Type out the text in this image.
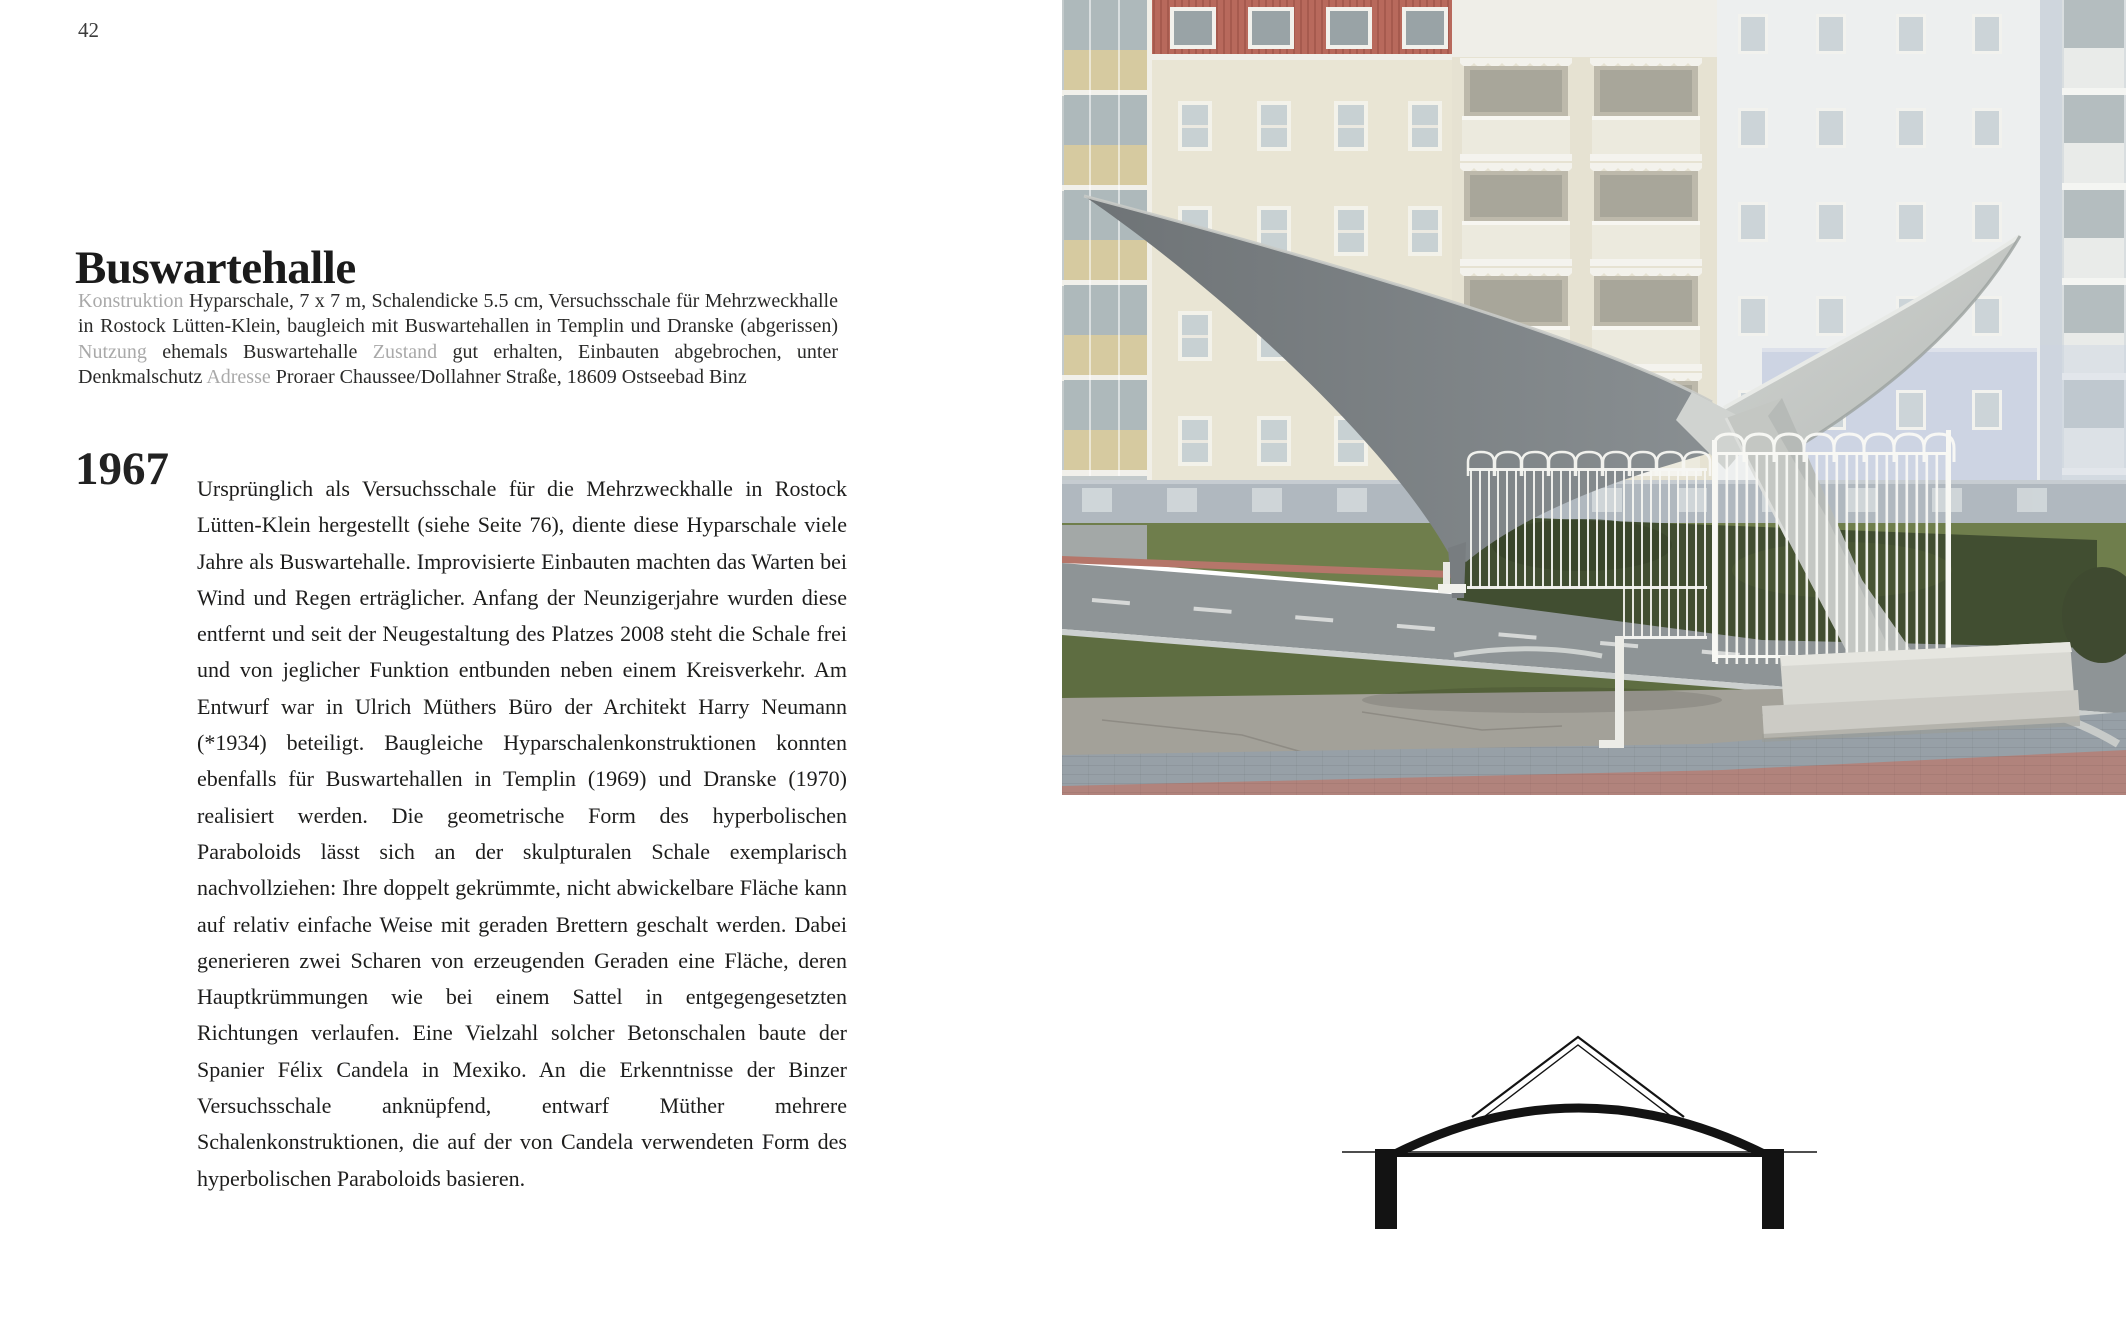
42
Buswartehalle

Konstruktion Hyparschale, 7 x 7 m, Schalendicke 5.5 cm, Versuchsschale für Mehrzweckhalle in Rostock Lütten-Klein, baugleich mit Buswartehallen in Templin und Dranske (abgerissen) Nutzung ehemals Buswartehalle Zustand gut erhalten, Einbauten abgebrochen, unter Denkmalschutz Adresse Proraer Chaussee/Dollahner Straße, 18609 Ostseebad Binz

1967 Ursprünglich als Versuchsschale für die Mehrzweckhalle in Rostock Lütten-Klein hergestellt (siehe Seite 76), diente diese Hyparschale viele Jahre als Buswartehalle. Improvisierte Einbauten machten das Warten bei Wind und Regen erträglicher. Anfang der Neunzigerjahre wurden diese entfernt und seit der Neugestaltung des Platzes 2008 steht die Schale frei und von jeglicher Funktion entbunden neben einem Kreisverkehr. Am Entwurf war in Ulrich Müthers Büro der Architekt Harry Neumann (*1934) beteiligt. Baugleiche Hyparschalenkonstruktionen konnten ebenfalls für Buswartehallen in Templin (1969) und Dranske (1970) realisiert werden. Die geometrische Form des hyperbolischen Paraboloids lässt sich an der skulpturalen Schale exemplarisch nachvollziehen: Ihre doppelt gekrümmte, nicht abwickelbare Fläche kann auf relativ einfache Weise mit geraden Brettern geschalt werden. Dabei generieren zwei Scharen von erzeugenden Geraden eine Fläche, deren Hauptkrümmungen wie bei einem Sattel in entgegengesetzten Richtungen verlaufen. Eine Vielzahl solcher Betonschalen baute der Spanier Félix Candela in Mexiko. An die Erkenntnisse der Binzer Versuchsschale anknüpfend, entwarf Müther mehrere Schalenkonstruktionen, die auf der von Candela verwendeten Form des hyperbolischen Paraboloids basieren.
